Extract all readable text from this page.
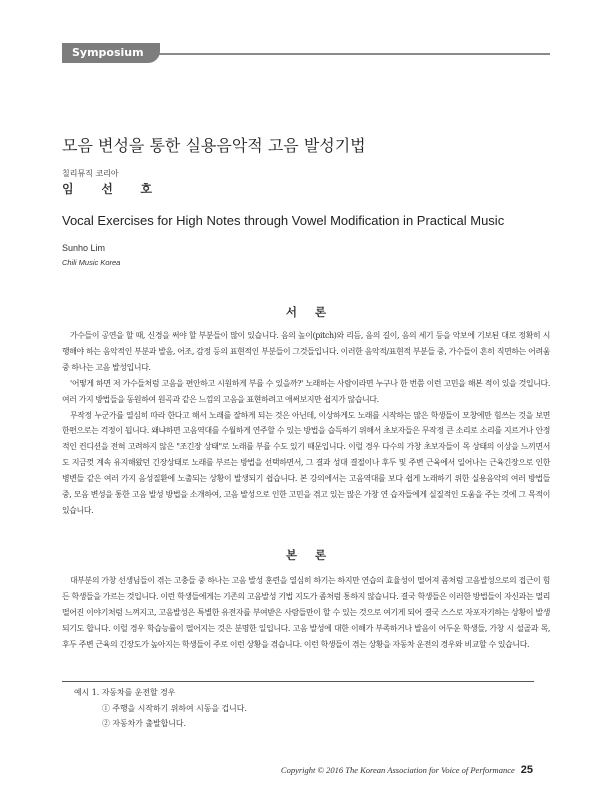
Symposium
모음 변성을 통한 실용음악적 고음 발성기법
칠리뮤직 코리아
임 선 호
Vocal Exercises for High Notes through Vowel Modification in Practical Music
Sunho Lim
Chili Music Korea
서 론

가수들이 공연을 할 때, 신경을 써야 할 부분들이 많이 있습니다. 음의 높이(pitch)와 리듬, 음의 길이, 음의 세기 등을 악보에 기보된 대로 정확히 시행해야 하는 음악적인 부분과 발음, 어조, 감정 등의 표현적인 부분들이 그것들입니다. 이러한 음악적/표현적 부분들 중, 가수들이 흔히 직면하는 어려움 중 하나는 고음 발성입니다.

'어떻게 하면 저 가수들처럼 고음을 편안하고 시원하게 부를 수 있을까?' 노래하는 사람이라면 누구나 한 번쯤 이런 고민을 해본 적이 있을 것입니다. 여러 가지 방법들을 동원하여 원곡과 같은 느낌의 고음을 표현하려고 애써보지만 쉽지가 않습니다.

무작정 누군가를 열심히 따라 한다고 해서 노래를 잘하게 되는 것은 아닌데, 이상하게도 노래를 시작하는 많은 학생들이 모창에만 힘쓰는 것을 보면 한편으로는 걱정이 됩니다. 왜냐하면 고음역대를 수월하게 연주할 수 있는 방법을 습득하기 위해서 초보자들은 무작정 큰 소리로 소리를 지르거나 안정적인 컨디션을 전혀 고려하지 않은 "조긴장 상태"로 노래를 부를 수도 있기 때문입니다. 이럴 경우 다수의 가창 초보자들이 목 상태의 이상을 느끼면서도 지금껏 계속 유지해왔던 긴장상태로 노래를 부르는 방법을 선택하면서, 그 결과 성대 결절이나 후두 및 주변 근육에서 일어나는 근육긴장으로 인한 병변들 같은 여러 가지 음성질환에 노출되는 상황이 발생되기 쉽습니다. 본 강의에서는 고음역대를 보다 쉽게 노래하기 위한 실용음악의 여러 방법들 중, 모음 변성을 통한 고음 발성 방법을 소개하여, 고음 발성으로 인한 고민을 겪고 있는 많은 가창 연 습자들에게 실질적인 도움을 주는 것에 그 목적이 있습니다.

본 론

대부분의 가창 선생님들이 겪는 고충들 중 하나는 고음 발성 훈련을 열심히 하기는 하지만 연습의 효율성이 떨어져 좀처럼 고음발성으로의 접근이 힘든 학생들을 가르는 것입니다. 이런 학생들에게는 기존의 고음발성 기법 지도가 좀처럼 통하지 않습니다. 결국 학생들은 이러한 방법들이 자신과는 멀리 떨어진 이야기처럼 느껴지고, 고음발성은 특별한 유전자를 부여받은 사람들만이 할 수 있는 것으로 여기게 되어 결국 스스로 자포자기하는 상황이 발생되기도 합니다. 이럴 경우 학습능률이 떨어지는 것은 분명한 일입니다. 고음 발성에 대한 이해가 부족하거나 발음이 어두운 학생들, 가창 시 설골과 목, 후두 주변 근육의 긴장도가 높아지는 학생들이 주로 이런 상황을 겪습니다. 이런 학생들이 겪는 상황을 자동차 운전의 경우와 비교할 수 있습니다.

예시 1. 자동차를 운전할 경우
① 주행을 시작하기 위하여 시동을 겁니다.
② 자동차가 출발합니다.
Copyright © 2016 The Korean Association for Voice of Performance 25
